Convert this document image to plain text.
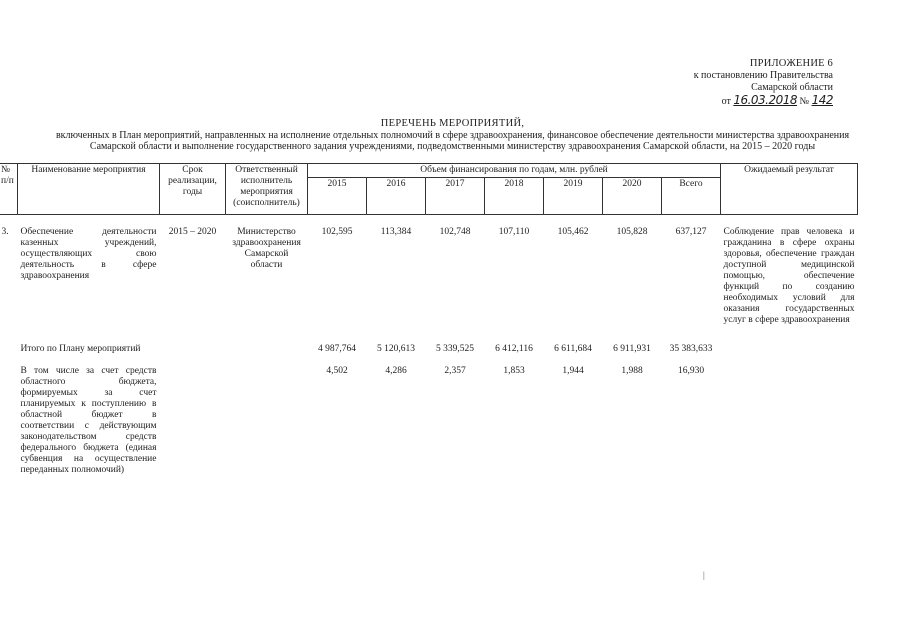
ПРИЛОЖЕНИЕ 6
к постановлению Правительства
Самарской области
от 16.03.2018 № 142
ПЕРЕЧЕНЬ МЕРОПРИЯТИЙ,
включенных в План мероприятий, направленных на исполнение отдельных полномочий в сфере здравоохранения, финансовое обеспечение деятельности министерства здравоохранения
Самарской области и выполнение государственного задания учреждениями, подведомственными министерству здравоохранения Самарской области, на 2015 – 2020 годы
№ п/п	Наименование мероприятия	Срок реализации, годы	Ответственный исполнитель мероприятия (соисполнитель)	Объем финансирования по годам, млн. рублей							Ожидаемый результат
				2015	2016	2017	2018	2019	2020	Всего	
3.	Обеспечение деятельности казенных учреждений, осуществляющих свою деятельность в сфере здравоохранения	2015 – 2020	Министерство здравоохранения Самарской области	102,595	113,384	102,748	107,110	105,462	105,828	637,127	Соблюдение прав человека и гражданина в сфере охраны здоровья, обеспечение граждан доступной медицинской помощью, обеспечение функций по созданию необходимых условий для оказания государственных услуг в сфере здравоохранения
	Итого по Плану мероприятий			4 987,764	5 120,613	5 339,525	6 412,116	6 611,684	6 911,931	35 383,633	
	В том числе за счет средств областного бюджета, формируемых за счет планируемых к поступлению в областной бюджет в соответствии с действующим законодательством средств федерального бюджета (единая субвенция на осуществление переданных полномочий)			4,502	4,286	2,357	1,853	1,944	1,988	16,930	
|
